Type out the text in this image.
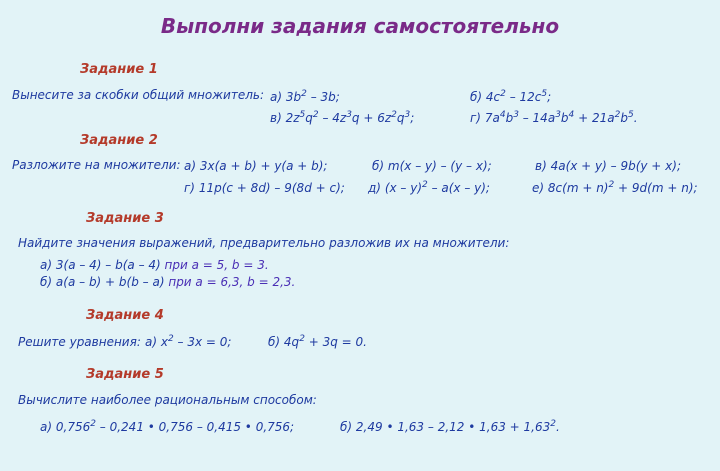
Выполни задания самостоятельно
Задание 1
Вынесите за скобки общий множитель: а) $3b^2 - 3b$;	б) $4c^2 - 12c^5$;
в) $2z^5q^2 - 4z^3q + 6z^2q^3$;	г) $7a^4b^3 - 14a^3b^4 + 21a^2b^5$.
Задание 2
Разложите на множители: а) 3x(a + b) + y(a + b);	б) m(x – y) – (y – x);	в) 4a(x + y) – 9b(y + x);
г) 11p(c + 8d) – 9(8d + c); д) (x – y)$^2$ – a(x – y);	е) $8c(m + n)^2 + 9d(m + n)$;
Задание 3
Найдите значения выражений, предварительно разложив их на множители:
а) 3(a – 4) – b(a – 4) при a = 5, b = 3.
б) a(a – b) + b(b – a) при a = 6,3, b = 2,3.
Задание 4
Решите уравнения: а) $x^2 - 3x = 0$;	б) $4q^2 + 3q = 0$.
Задание 5
Вычислите наиболее рациональным способом:
а) 0,756$^2$ – 0,241 • 0,756 – 0,415 • 0,756;	б) 2,49 • 1,63 – 2,12 • $1,63 + 1,63^2$.
